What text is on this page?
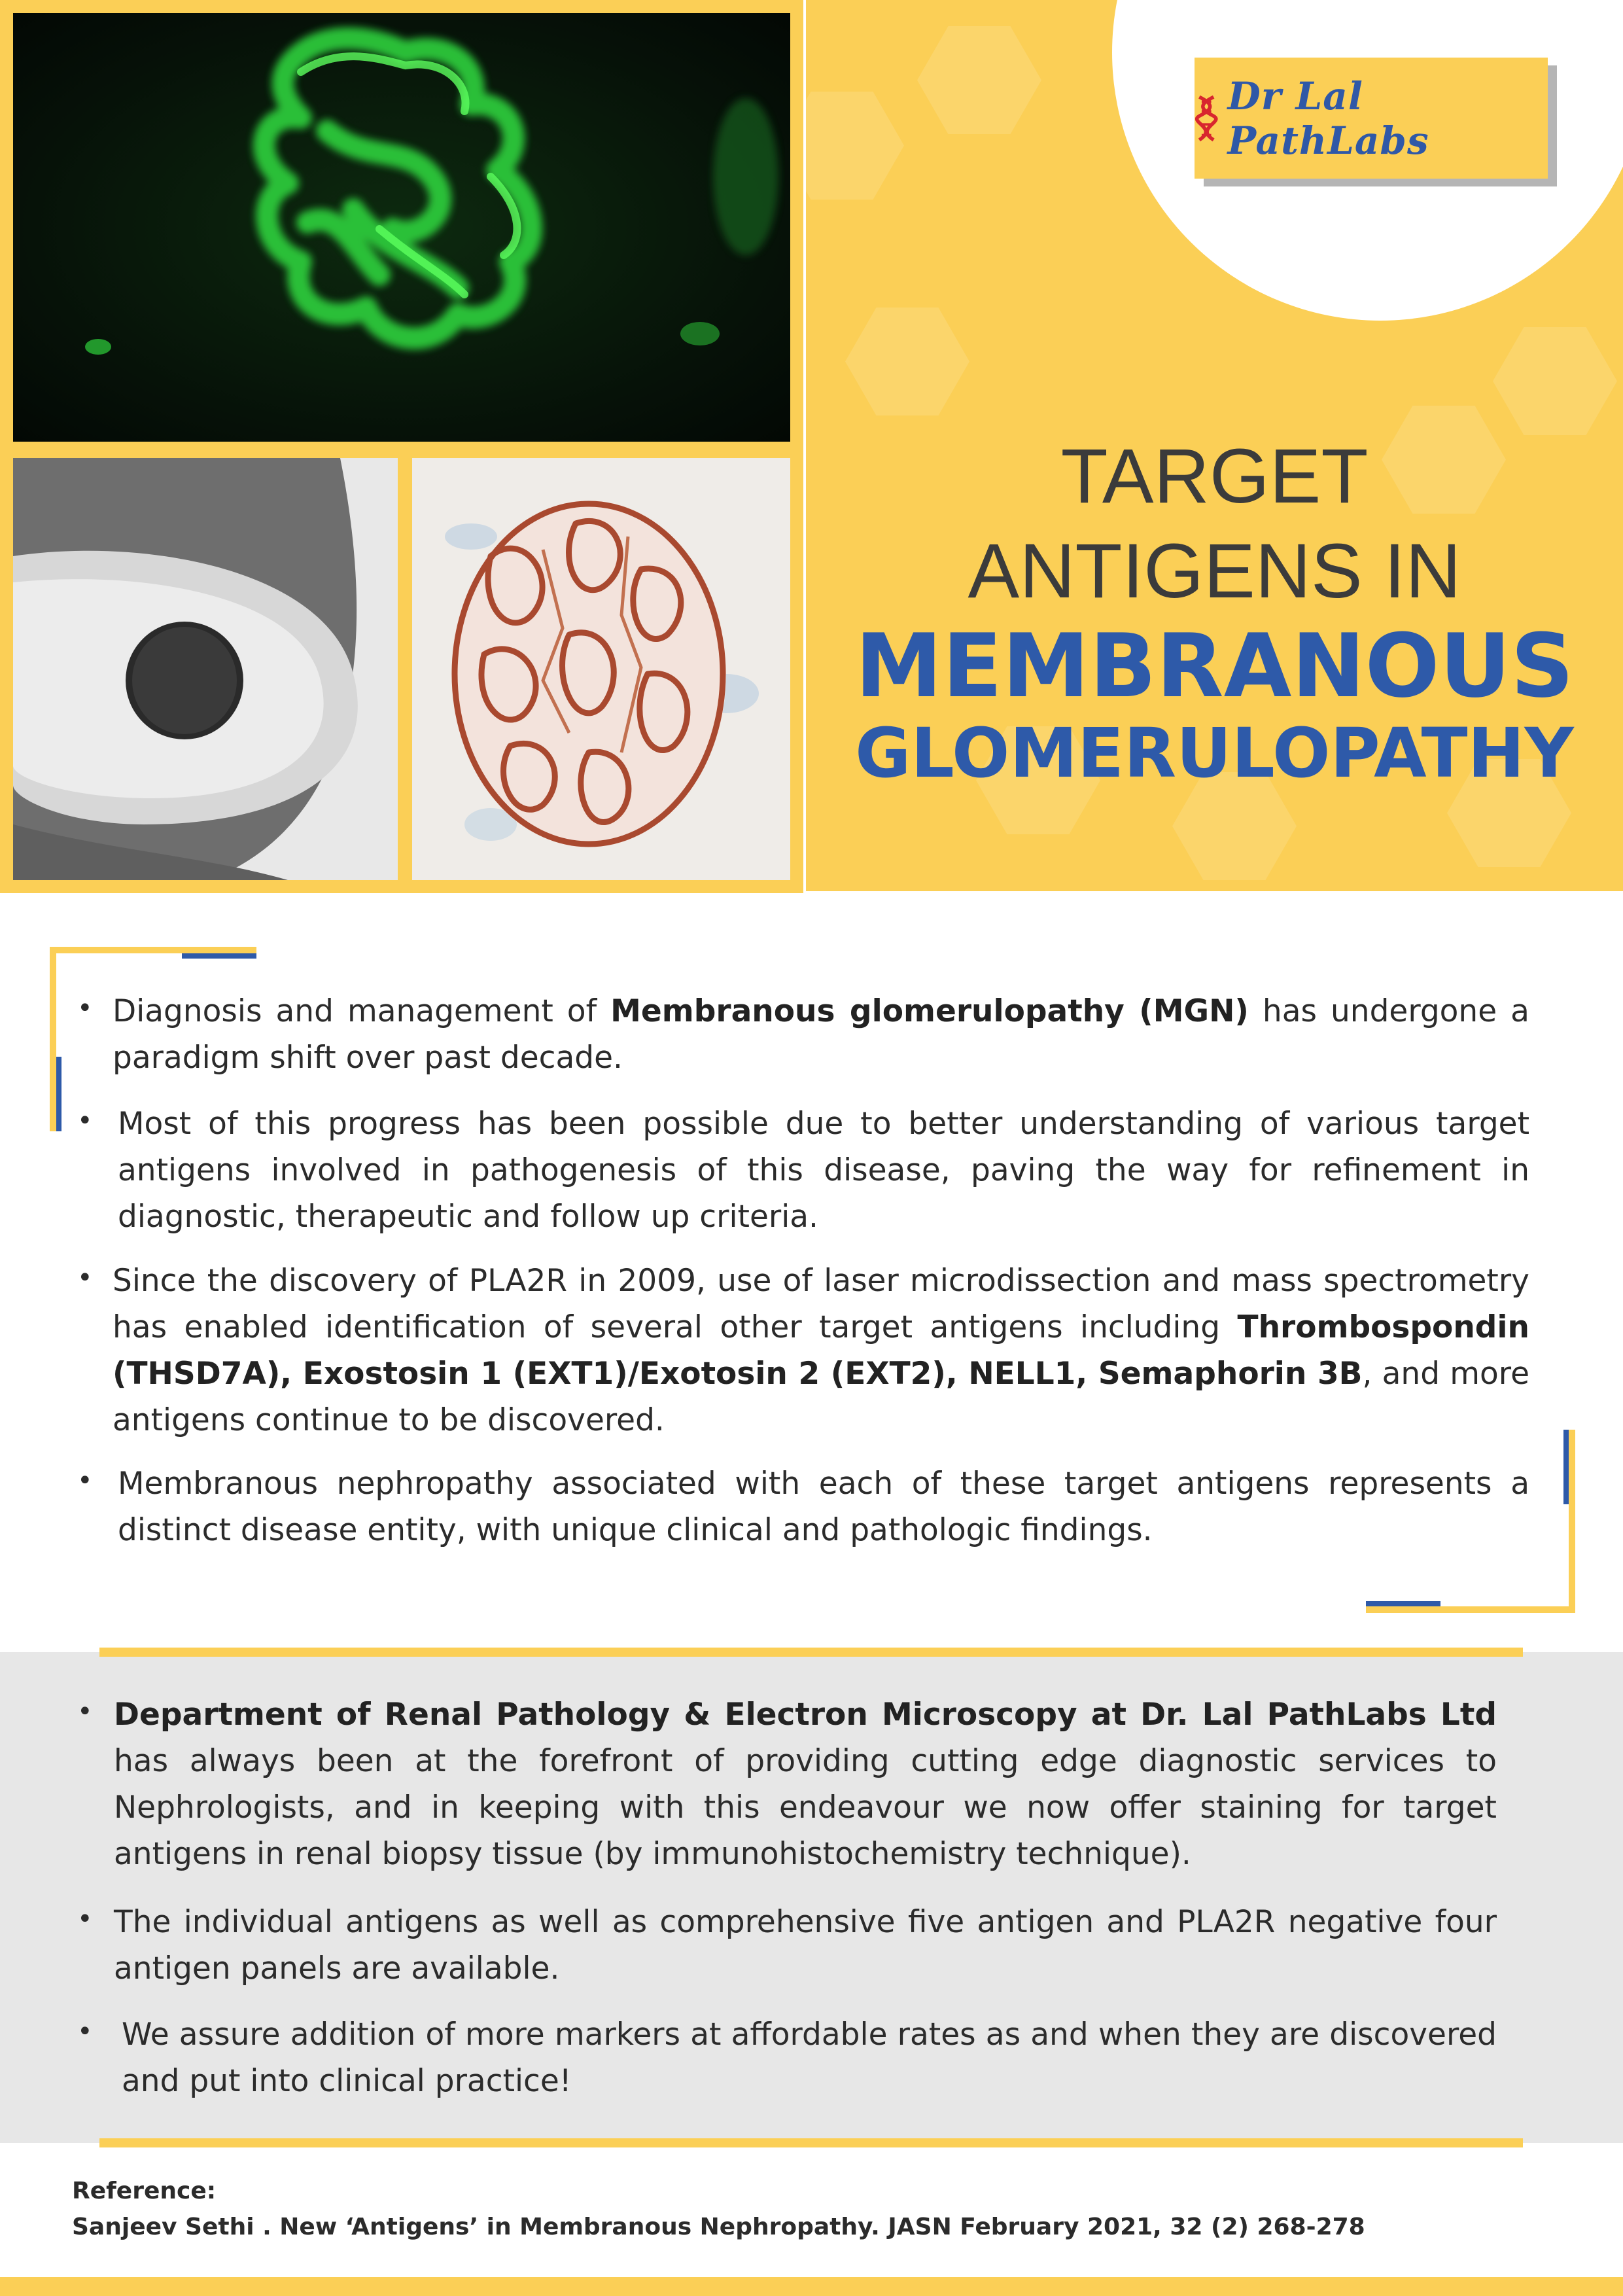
Dr Lal PathLabs
TARGET
ANTIGENS IN
MEMBRANOUS
GLOMERULOPATHY
• Diagnosis and management of Membranous glomerulopathy (MGN) has undergone a paradigm shift over past decade.
• Most of this progress has been possible due to better understanding of various target antigens involved in pathogenesis of this disease, paving the way for refinement in diagnostic, therapeutic and follow up criteria.
• Since the discovery of PLA2R in 2009, use of laser microdissection and mass spectrometry has enabled identification of several other target antigens including Thrombospondin (THSD7A), Exostosin 1 (EXT1)/Exotosin 2 (EXT2), NELL1, Semaphorin 3B, and more antigens continue to be discovered.
• Membranous nephropathy associated with each of these target antigens represents a distinct disease entity, with unique clinical and pathologic findings.
• Department of Renal Pathology & Electron Microscopy at Dr. Lal PathLabs Ltd has always been at the forefront of providing cutting edge diagnostic services to Nephrologists, and in keeping with this endeavour we now offer staining for target antigens in renal biopsy tissue (by immunohistochemistry technique).
• The individual antigens as well as comprehensive five antigen and PLA2R negative four antigen panels are available.
• We assure addition of more markers at affordable rates as and when they are discovered and put into clinical practice!
Reference:
Sanjeev Sethi . New ‘Antigens’ in Membranous Nephropathy. JASN February 2021, 32 (2) 268-278
